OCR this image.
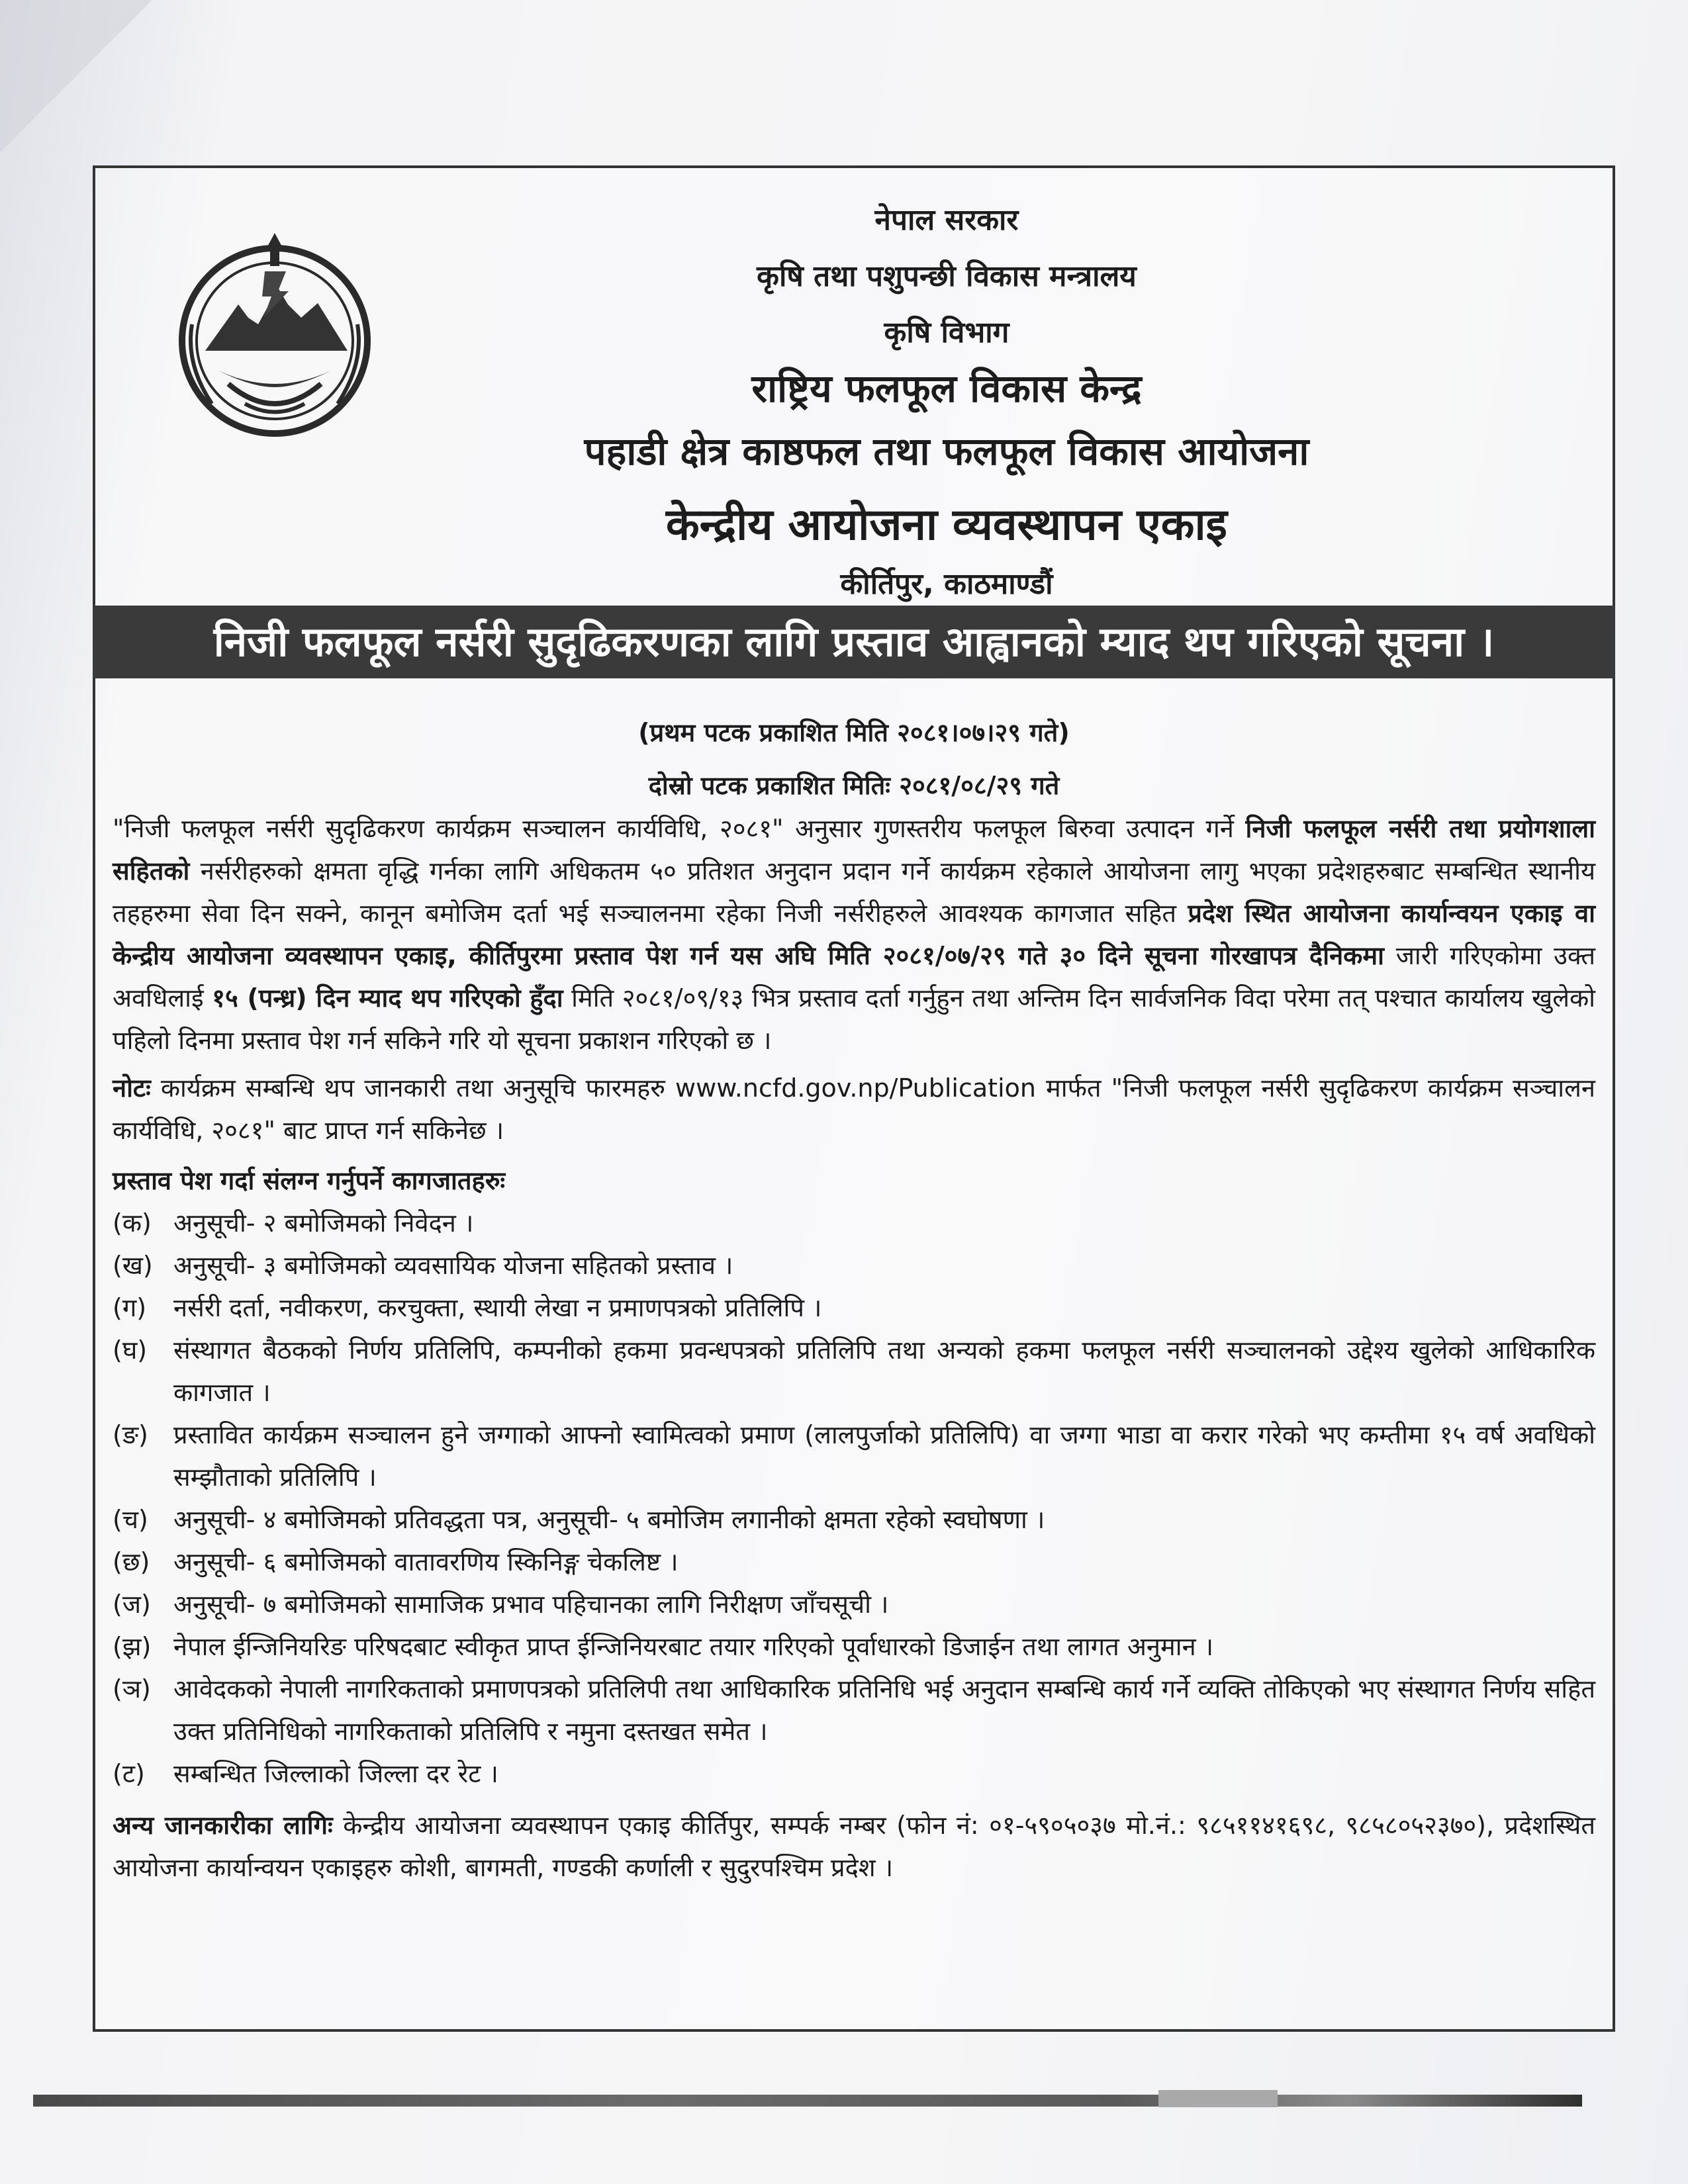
नेपाल सरकार
कृषि तथा पशुपन्छी विकास मन्त्रालय
कृषि विभाग
राष्ट्रिय फलफूल विकास केन्द्र
पहाडी क्षेत्र काष्ठफल तथा फलफूल विकास आयोजना
केन्द्रीय आयोजना व्यवस्थापन एकाइ
कीर्तिपुर, काठमाण्डौं
निजी फलफूल नर्सरी सुदृढिकरणका लागि प्रस्ताव आह्वानको म्याद थप गरिएको सूचना ।
(प्रथम पटक प्रकाशित मिति २०८१।०७।२९ गते)
दोस्रो पटक प्रकाशित मितिः २०८१/०८/२९ गते

"निजी फलफूल नर्सरी सुदृढिकरण कार्यक्रम सञ्चालन कार्यविधि, २०८१" अनुसार गुणस्तरीय फलफूल बिरुवा उत्पादन गर्ने निजी फलफूल नर्सरी तथा प्रयोगशाला सहितको नर्सरीहरुको क्षमता वृद्धि गर्नका लागि अधिकतम ५० प्रतिशत अनुदान प्रदान गर्ने कार्यक्रम रहेकाले आयोजना लागु भएका प्रदेशहरुबाट सम्बन्धित स्थानीय तहहरुमा सेवा दिन सक्ने, कानून बमोजिम दर्ता भई सञ्चालनमा रहेका निजी नर्सरीहरुले आवश्यक कागजात सहित प्रदेश स्थित आयोजना कार्यान्वयन एकाइ वा केन्द्रीय आयोजना व्यवस्थापन एकाइ, कीर्तिपुरमा प्रस्ताव पेश गर्न यस अघि मिति २०८१/०७/२९ गते ३० दिने सूचना गोरखापत्र दैनिकमा जारी गरिएकोमा उक्त अवधिलाई १५ (पन्ध्र) दिन म्याद थप गरिएको हुँदा मिति २०८१/०९/१३ भित्र प्रस्ताव दर्ता गर्नुहुन तथा अन्तिम दिन सार्वजनिक विदा परेमा तत् पश्चात कार्यालय खुलेको पहिलो दिनमा प्रस्ताव पेश गर्न सकिने गरि यो सूचना प्रकाशन गरिएको छ ।

नोटः कार्यक्रम सम्बन्धि थप जानकारी तथा अनुसूचि फारमहरु www.ncfd.gov.np/Publication मार्फत "निजी फलफूल नर्सरी सुदृढिकरण कार्यक्रम सञ्चालन कार्यविधि, २०८१" बाट प्राप्त गर्न सकिनेछ ।

प्रस्ताव पेश गर्दा संलग्न गर्नुपर्ने कागजातहरुः

(क) अनुसूची- २ बमोजिमको निवेदन ।
(ख) अनुसूची- ३ बमोजिमको व्यवसायिक योजना सहितको प्रस्ताव ।
(ग)	नर्सरी दर्ता, नवीकरण, करचुक्ता, स्थायी लेखा न प्रमाणपत्रको प्रतिलिपि ।
(घ)	संस्थागत बैठकको निर्णय प्रतिलिपि, कम्पनीको हकमा प्रवन्धपत्रको प्रतिलिपि तथा अन्यको हकमा फलफूल नर्सरी सञ्चालनको उद्देश्य खुलेको आधिकारिक कागजात ।
(ङ)	प्रस्तावित कार्यक्रम सञ्चालन हुने जग्गाको आफ्नो स्वामित्वको प्रमाण (लालपुर्जाको प्रतिलिपि) वा जग्गा भाडा वा करार गरेको भए कम्तीमा १५ वर्ष अवधिको सम्झौताको प्रतिलिपि ।
(च)	अनुसूची- ४ बमोजिमको प्रतिवद्धता पत्र, अनुसूची- ५ बमोजिम लगानीको क्षमता रहेको स्वघोषणा ।
(छ) अनुसूची- ६ बमोजिमको वातावरणिय स्किनिङ्ग चेकलिष्ट ।
(ज) अनुसूची- ७ बमोजिमको सामाजिक प्रभाव पहिचानका लागि निरीक्षण जाँचसूची ।
(झ) नेपाल ईन्जिनियरिङ परिषदबाट स्वीकृत प्राप्त ईन्जिनियरबाट तयार गरिएको पूर्वाधारको डिजाईन तथा लागत अनुमान ।
(ञ) आवेदकको नेपाली नागरिकताको प्रमाणपत्रको प्रतिलिपी तथा आधिकारिक प्रतिनिधि भई अनुदान सम्बन्धि कार्य गर्ने व्यक्ति तोकिएको भए संस्थागत निर्णय सहित उक्त प्रतिनिधिको नागरिकताको प्रतिलिपि र नमुना दस्तखत समेत ।
(ट)	सम्बन्धित जिल्लाको जिल्ला दर रेट ।

अन्य जानकारीका लागिः केन्द्रीय आयोजना व्यवस्थापन एकाइ कीर्तिपुर, सम्पर्क नम्बर (फोन नं: ०१-५९०५०३७ मो.नं.: ९८५११४१६९८, ९८५८०५२३७०), प्रदेशस्थित आयोजना कार्यान्वयन एकाइहरु कोशी, बागमती, गण्डकी कर्णाली र सुदुरपश्चिम प्रदेश ।
